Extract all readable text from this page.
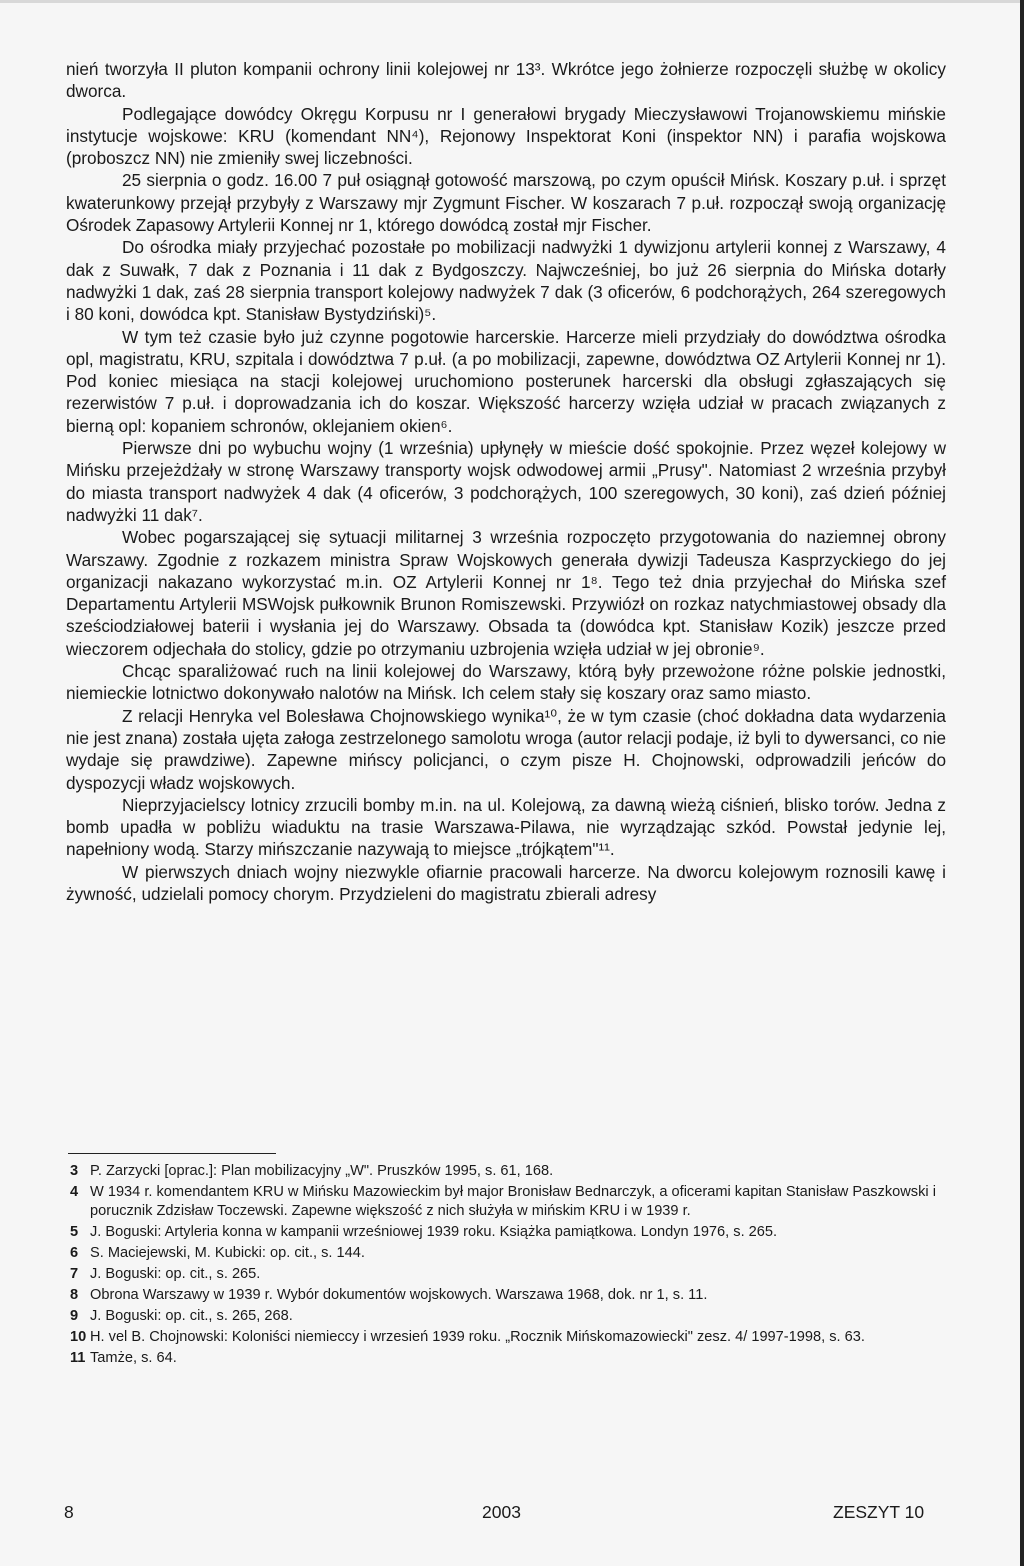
nień tworzyła II pluton kompanii ochrony linii kolejowej nr 13³. Wkrótce jego żołnierze rozpoczęli służbę w okolicy dworca.

Podlegające dowódcy Okręgu Korpusu nr I generałowi brygady Mieczysławowi Trojanowskiemu mińskie instytucje wojskowe: KRU (komendant NN⁴), Rejonowy Inspektorat Koni (inspektor NN) i parafia wojskowa (proboszcz NN) nie zmieniły swej liczebności.

25 sierpnia o godz. 16.00 7 puł osiągnął gotowość marszową, po czym opuścił Mińsk. Koszary p.uł. i sprzęt kwaterunkowy przejął przybyły z Warszawy mjr Zygmunt Fischer. W koszarach 7 p.uł. rozpoczął swoją organizację Ośrodek Zapasowy Artylerii Konnej nr 1, którego dowódcą został mjr Fischer.

Do ośrodka miały przyjechać pozostałe po mobilizacji nadwyżki 1 dywizjonu artylerii konnej z Warszawy, 4 dak z Suwałk, 7 dak z Poznania i 11 dak z Bydgoszczy. Najwcześniej, bo już 26 sierpnia do Mińska dotarły nadwyżki 1 dak, zaś 28 sierpnia transport kolejowy nadwyżek 7 dak (3 oficerów, 6 podchorążych, 264 szeregowych i 80 koni, dowódca kpt. Stanisław Bystydziński)⁵.

W tym też czasie było już czynne pogotowie harcerskie. Harcerze mieli przydziały do dowództwa ośrodka opl, magistratu, KRU, szpitala i dowództwa 7 p.uł. (a po mobilizacji, zapewne, dowództwa OZ Artylerii Konnej nr 1). Pod koniec miesiąca na stacji kolejowej uruchomiono posterunek harcerski dla obsługi zgłaszających się rezerwistów 7 p.uł. i doprowadzania ich do koszar. Większość harcerzy wzięła udział w pracach związanych z bierną opl: kopaniem schronów, oklejaniem okien⁶.

Pierwsze dni po wybuchu wojny (1 września) upłynęły w mieście dość spokojnie. Przez węzeł kolejowy w Mińsku przejeżdżały w stronę Warszawy transporty wojsk odwodowej armii „Prusy". Natomiast 2 września przybył do miasta transport nadwyżek 4 dak (4 oficerów, 3 podchorążych, 100 szeregowych, 30 koni), zaś dzień później nadwyżki 11 dak⁷.

Wobec pogarszającej się sytuacji militarnej 3 września rozpoczęto przygotowania do naziemnej obrony Warszawy. Zgodnie z rozkazem ministra Spraw Wojskowych generała dywizji Tadeusza Kasprzyckiego do jej organizacji nakazano wykorzystać m.in. OZ Artylerii Konnej nr 1⁸. Tego też dnia przyjechał do Mińska szef Departamentu Artylerii MSWojsk pułkownik Brunon Romiszewski. Przywiózł on rozkaz natychmiastowej obsady dla sześciodziałowej baterii i wysłania jej do Warszawy. Obsada ta (dowódca kpt. Stanisław Kozik) jeszcze przed wieczorem odjechała do stolicy, gdzie po otrzymaniu uzbrojenia wzięła udział w jej obronie⁹.

Chcąc sparaliżować ruch na linii kolejowej do Warszawy, którą były przewożone różne polskie jednostki, niemieckie lotnictwo dokonywało nalotów na Mińsk. Ich celem stały się koszary oraz samo miasto.

Z relacji Henryka vel Bolesława Chojnowskiego wynika¹⁰, że w tym czasie (choć dokładna data wydarzenia nie jest znana) została ujęta załoga zestrzelonego samolotu wroga (autor relacji podaje, iż byli to dywersanci, co nie wydaje się prawdziwe). Zapewne mińscy policjanci, o czym pisze H. Chojnowski, odprowadzili jeńców do dyspozycji władz wojskowych.

Nieprzyjacielscy lotnicy zrzucili bomby m.in. na ul. Kolejową, za dawną wieżą ciśnień, blisko torów. Jedna z bomb upadła w pobliżu wiaduktu na trasie Warszawa-Pilawa, nie wyrządzając szkód. Powstał jedynie lej, napełniony wodą. Starzy mińszczanie nazywają to miejsce „trójkątem"¹¹.

W pierwszych dniach wojny niezwykle ofiarnie pracowali harcerze. Na dworcu kolejowym roznosili kawę i żywność, udzielali pomocy chorym. Przydzieleni do magistratu zbierali adresy

3 P. Zarzycki [oprac.]: Plan mobilizacyjny „W". Pruszków 1995, s. 61, 168.
4 W 1934 r. komendantem KRU w Mińsku Mazowieckim był major Bronisław Bednarczyk, a oficerami kapitan Stanisław Paszkowski i porucznik Zdzisław Toczewski. Zapewne większość z nich służyła w mińskim KRU i w 1939 r.
5 J. Boguski: Artyleria konna w kampanii wrześniowej 1939 roku. Książka pamiątkowa. Londyn 1976, s. 265.
6 S. Maciejewski, M. Kubicki: op. cit., s. 144.
7 J. Boguski: op. cit., s. 265.
8 Obrona Warszawy w 1939 r. Wybór dokumentów wojskowych. Warszawa 1968, dok. nr 1, s. 11.
9 J. Boguski: op. cit., s. 265, 268.
10 H. vel B. Chojnowski: Koloniści niemieccy i wrzesień 1939 roku. „Rocznik Mińskomazowiecki" zesz. 4/ 1997-1998, s. 63.
11 Tamże, s. 64.
8	2003	ZESZYT 10
